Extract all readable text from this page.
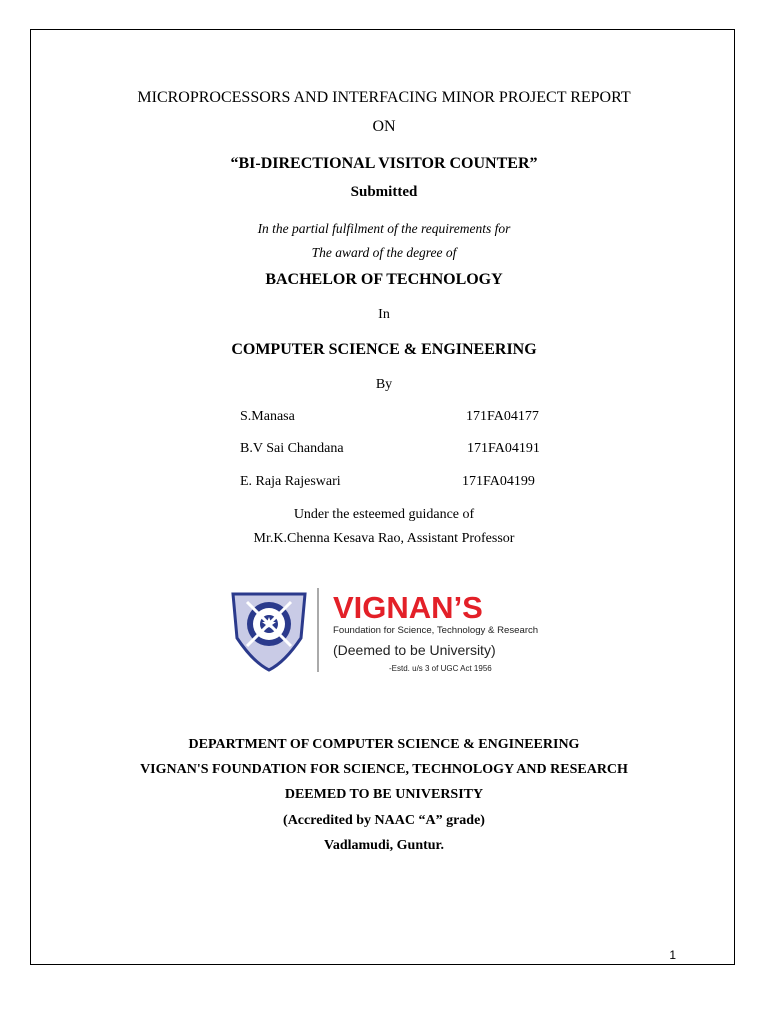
MICROPROCESSORS AND INTERFACING MINOR PROJECT REPORT
ON
“BI-DIRECTIONAL VISITOR COUNTER”
Submitted
In the partial fulfilment of the requirements for
The award of the degree of
BACHELOR OF TECHNOLOGY
In
COMPUTER SCIENCE & ENGINEERING
By
S.Manasa	171FA04177
B.V Sai Chandana	171FA04191
E. Raja Rajeswari	171FA04199
Under the esteemed guidance of
Mr.K.Chenna Kesava Rao, Assistant Professor
VIGNAN’S
Foundation for Science, Technology & Research
(Deemed to be University)
-Estd. u/s 3 of UGC Act 1956
DEPARTMENT OF COMPUTER SCIENCE & ENGINEERING
VIGNAN'S FOUNDATION FOR SCIENCE, TECHNOLOGY AND RESEARCH
DEEMED TO BE UNIVERSITY
(Accredited by NAAC “A” grade)
Vadlamudi, Guntur.
1
